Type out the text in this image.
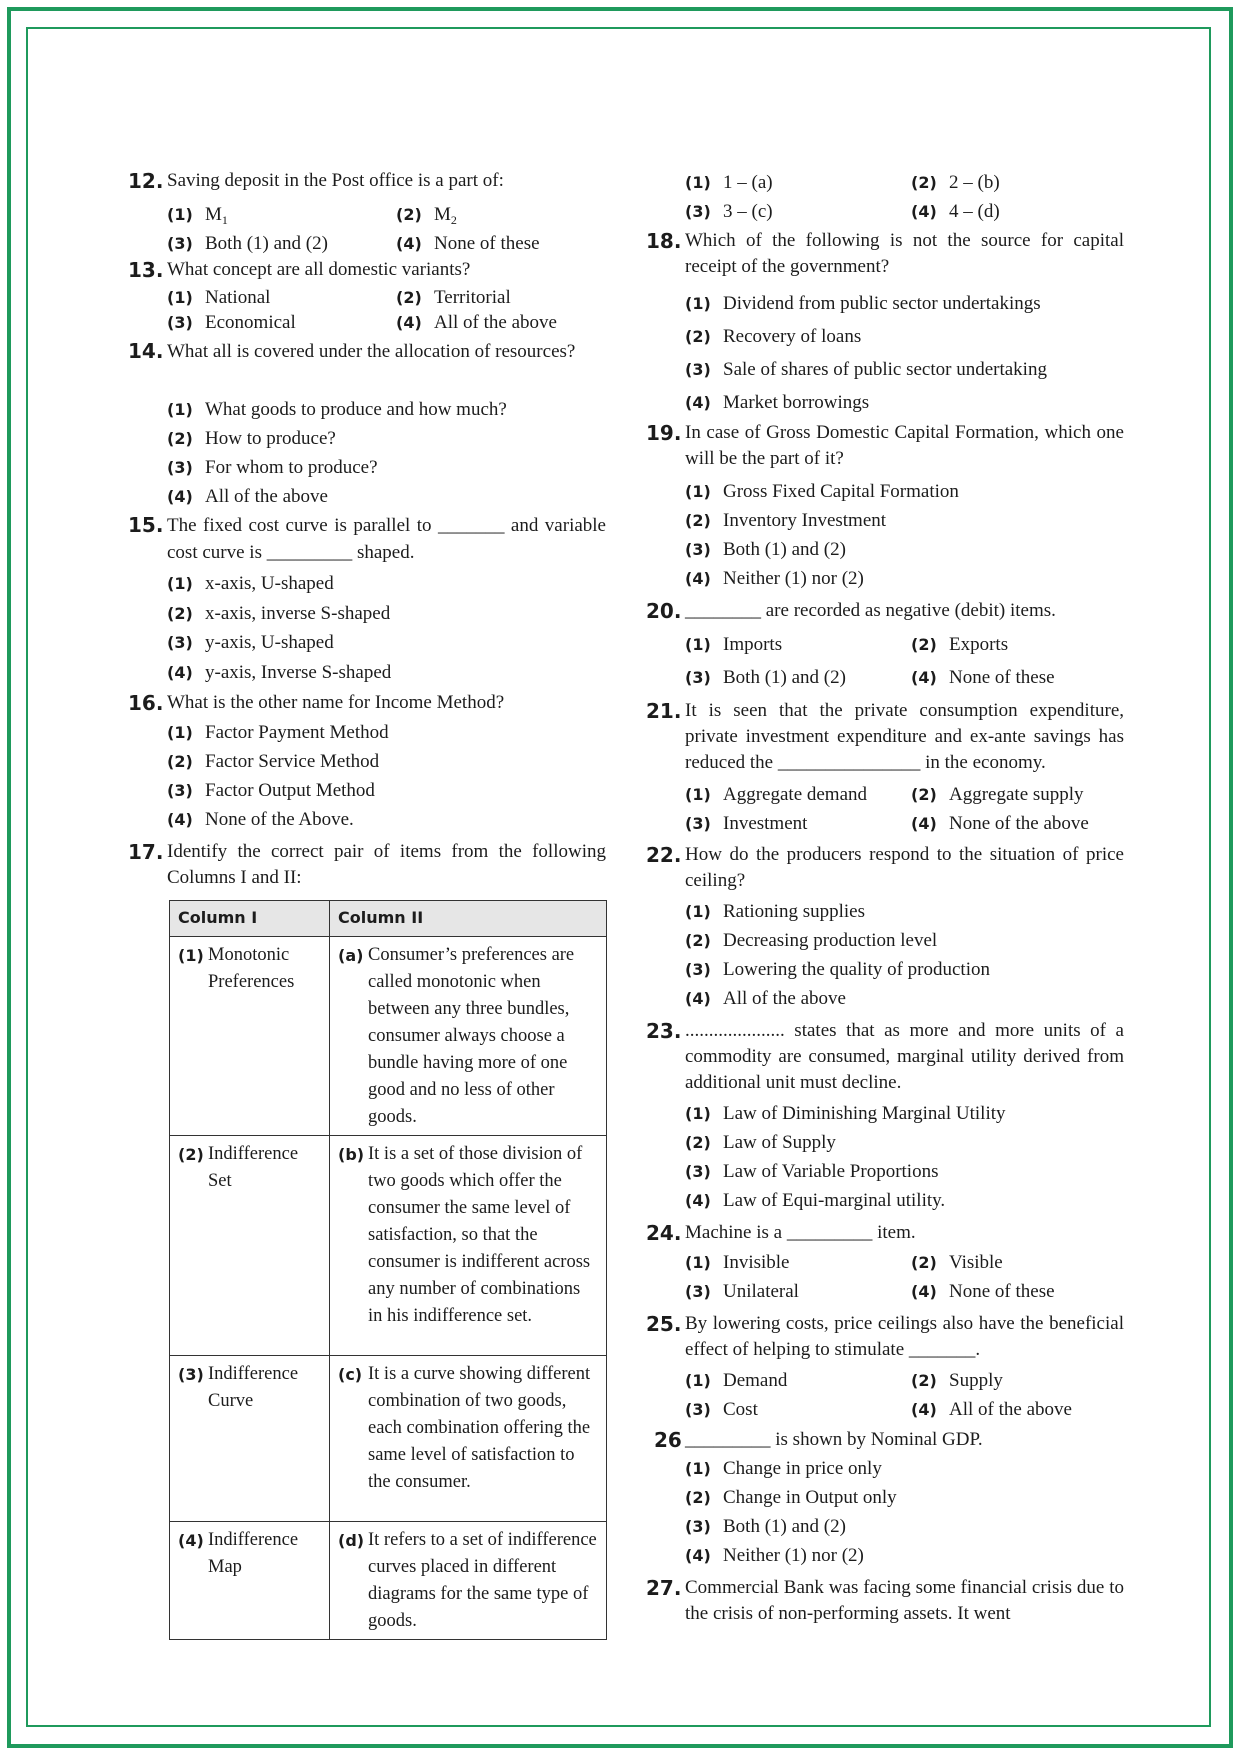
12. Saving deposit in the Post office is a part of:
(1) $M_1$	(2) $M_2$
(3) Both (1) and (2)	(4) None of these
13. What concept are all domestic variants?
(1) National	(2) Territorial
(3) Economical	(4) All of the above
14. What all is covered under the allocation of resources?
(1) What goods to produce and how much?
(2) How to produce?
(3) For whom to produce?
(4) All of the above
15. The fixed cost curve is parallel to _______ and variable cost curve is _________ shaped.
(1) x-axis, U-shaped
(2) x-axis, inverse S-shaped
(3) y-axis, U-shaped
(4) y-axis, Inverse S-shaped
16. What is the other name for Income Method?
(1) Factor Payment Method
(2) Factor Service Method
(3) Factor Output Method
(4) None of the Above.
17. Identify the correct pair of items from the following Columns I and II:
Column I	Column II

(1) Monotonic Preferences	(a) Consumer’s preferences are called monotonic when between any three bundles, consumer always choose a bundle having more of one good and no less of other goods.

(2) Indifference Set	(b) It is a set of those division of two goods which offer the consumer the same level of satisfaction, so that the consumer is indifferent across any number of combinations in his indifference set.

(3) Indifference Curve	(c) It is a curve showing different combination of two goods, each combination offering the same level of satisfaction to the consumer.

(4) Indifference Map	(d) It refers to a set of indifference curves placed in different diagrams for the same type of goods.
(1) 1 – (a)	(2) 2 – (b)
(3) 3 – (c)	(4) 4 – (d)
18. Which of the following is not the source for capital receipt of the government?
(1) Dividend from public sector undertakings
(2) Recovery of loans
(3) Sale of shares of public sector undertaking
(4) Market borrowings
19. In case of Gross Domestic Capital Formation, which one will be the part of it?
(1) Gross Fixed Capital Formation
(2) Inventory Investment
(3) Both (1) and (2)
(4) Neither (1) nor (2)
20. ________ are recorded as negative (debit) items.
(1) Imports	(2) Exports
(3) Both (1) and (2)	(4) None of these
21. It is seen that the private consumption expenditure, private investment expenditure and ex-ante savings has reduced the _______________ in the economy.
(1) Aggregate demand	(2) Aggregate supply
(3) Investment	(4) None of the above
22. How do the producers respond to the situation of price ceiling?
(1) Rationing supplies
(2) Decreasing production level
(3) Lowering the quality of production
(4) All of the above
23. ..................... states that as more and more units of a commodity are consumed, marginal utility derived from additional unit must decline.
(1) Law of Diminishing Marginal Utility
(2) Law of Supply
(3) Law of Variable Proportions
(4) Law of Equi-marginal utility.
24. Machine is a _________ item.
(1) Invisible	(2) Visible
(3) Unilateral	(4) None of these
25. By lowering costs, price ceilings also have the beneficial effect of helping to stimulate _______.
(1) Demand	(2) Supply
(3) Cost	(4) All of the above
26 _________ is shown by Nominal GDP.
(1) Change in price only
(2) Change in Output only
(3) Both (1) and (2)
(4) Neither (1) nor (2)
27. Commercial Bank was facing some financial crisis due to the crisis of non-performing assets. It went
